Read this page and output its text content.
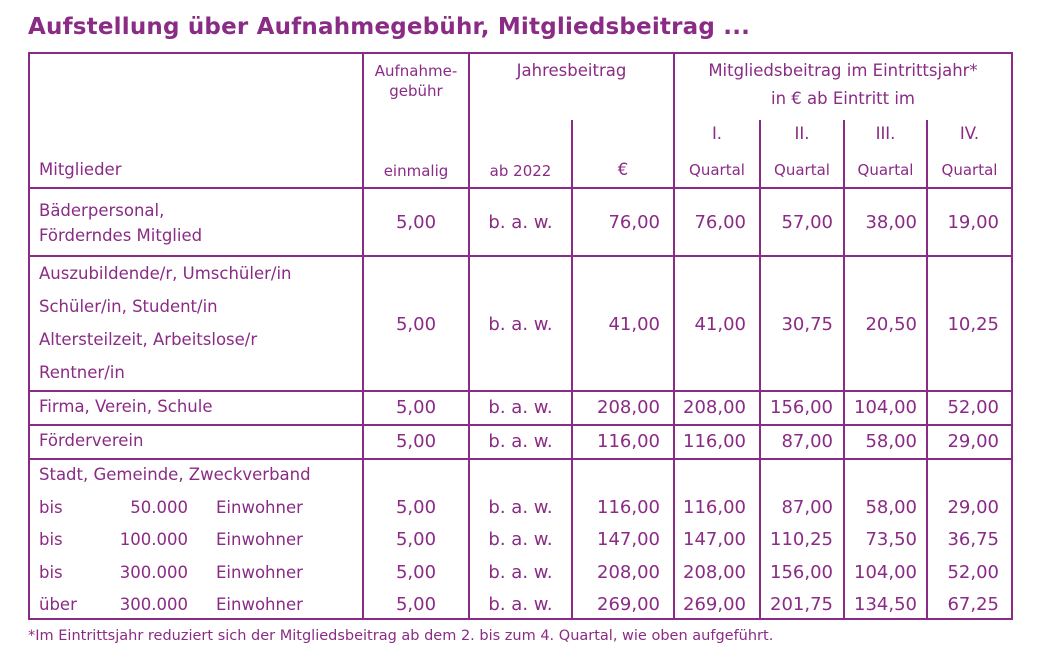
Aufstellung über Aufnahmegebühr, Mitgliedsbeitrag ...
Aufnahme-
gebühr
Jahresbeitrag	Mitgliedsbeitrag im Eintrittsjahr*
in € ab Eintritt im
I.	II.	III.	IV.
Mitglieder	einmalig	ab 2022	€	Quartal	Quartal	Quartal	Quartal
Bäderpersonal,
Förderndes Mitglied
5,00	b. a. w.	76,00	76,00	57,00	38,00	19,00
Auszubildende/r, Umschüler/in
Schüler/in, Student/in
Altersteilzeit, Arbeitslose/r
Rentner/in
5,00	b. a. w.	41,00	41,00	30,75	20,50	10,25
Firma, Verein, Schule	5,00	b. a. w.	208,00	208,00	156,00	104,00	52,00
Förderverein	5,00	b. a. w.	116,00	116,00	87,00	58,00	29,00
Stadt, Gemeinde, Zweckverband
bis	50.000 Einwohner	5,00	b. a. w.	116,00	116,00	87,00	58,00	29,00
bis	100.000 Einwohner	5,00	b. a. w.	147,00	147,00	110,25	73,50	36,75
bis	300.000 Einwohner	5,00	b. a. w.	208,00	208,00	156,00	104,00	52,00
über	300.000 Einwohner	5,00	b. a. w.	269,00	269,00	201,75	134,50	67,25
*Im Eintrittsjahr reduziert sich der Mitgliedsbeitrag ab dem 2. bis zum 4. Quartal, wie oben aufgeführt.
